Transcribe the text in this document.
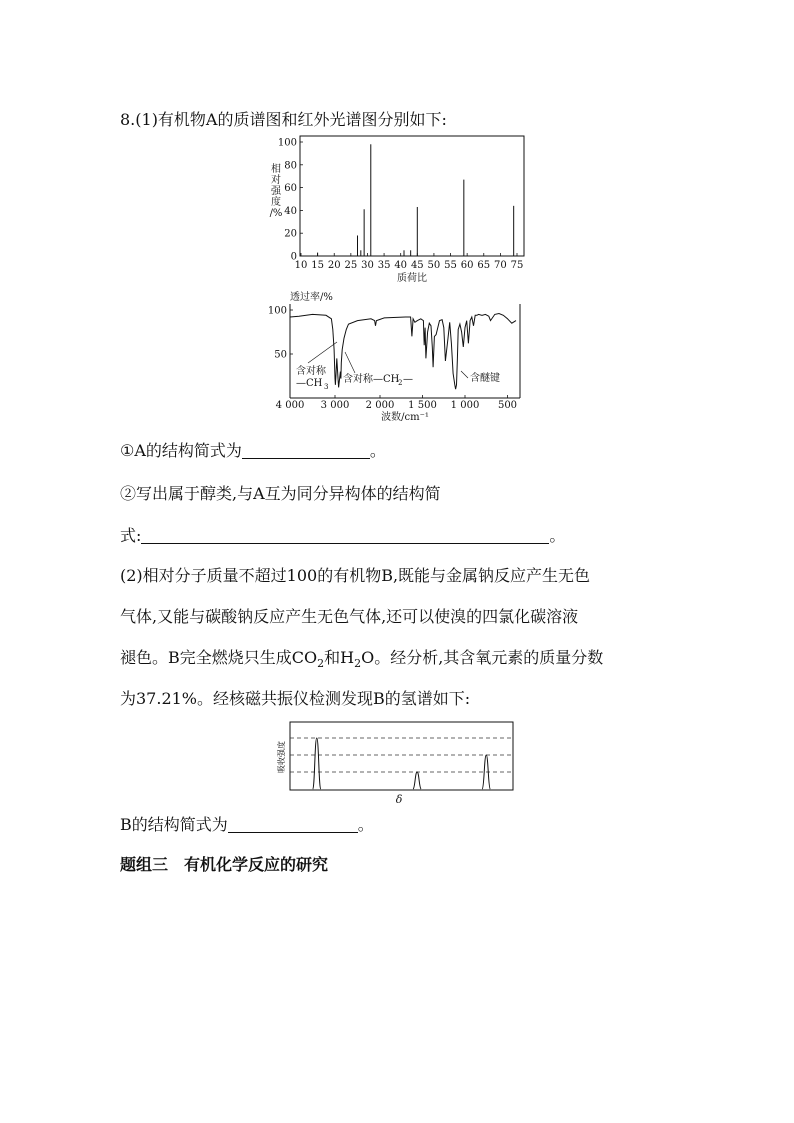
8.(1)有机物A的质谱图和红外光谱图分别如下:
10 15 20 25 30 35 40 45 50 55 60 65 70 75
100
80
60
40
20
0
相
对
强
度
/%
质荷比
4 000 3 000 2 000 1 500 1 000 500
100
50
透过率/%
波数/cm⁻¹
含对称
—CH 3
含对称—CH
2 —	含醚键
①A的结构简式为	。
②写出属于醇类,与A互为同分异构体的结构简
式:	。
(2)相对分子质量不超过100的有机物B,既能与金属钠反应产生无色
气体,又能与碳酸钠反应产生无色气体,还可以使溴的四氯化碳溶液
褪色。B完全燃烧只生成$CO_2$和$H_2O$。经分析,其含氧元素的质量分数
为37.21%。经核磁共振仪检测发现B的氢谱如下:
δ
吸收强度
B的结构简式为	。
题组三　有机化学反应的研究
